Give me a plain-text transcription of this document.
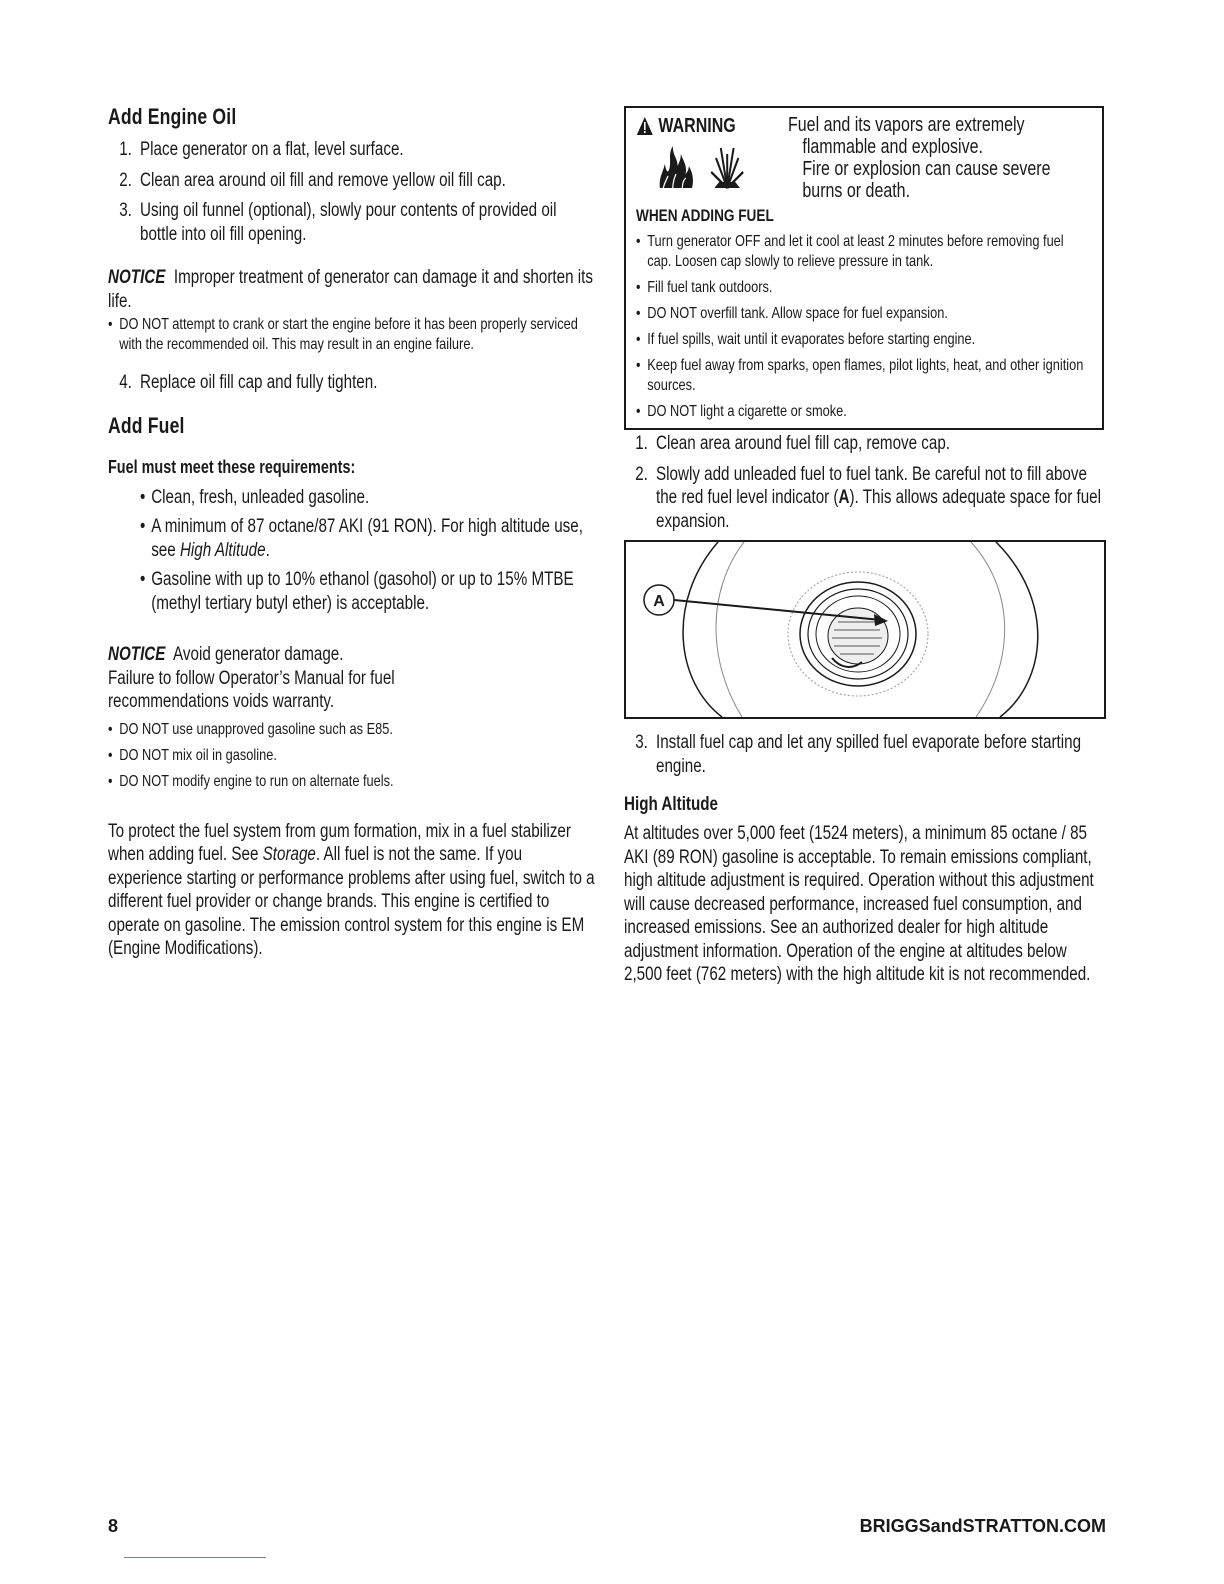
Add Engine Oil
1. Place generator on a flat, level surface.
2. Clean area around oil fill and remove yellow oil fill cap.
3. Using oil funnel (optional), slowly pour contents of provided oil bottle into oil fill opening.

NOTICE Improper treatment of generator can damage it and shorten its life.

• DO NOT attempt to crank or start the engine before it has been properly serviced with the recommended oil. This may result in an engine failure.
4. Replace oil fill cap and fully tighten.
Add Fuel
Fuel must meet these requirements:
• Clean, fresh, unleaded gasoline.
• A minimum of 87 octane/87 AKI (91 RON). For high altitude use, see High Altitude.
• Gasoline with up to 10% ethanol (gasohol) or up to 15% MTBE (methyl tertiary butyl ether) is acceptable.

NOTICE Avoid generator damage.

Failure to follow Operator’s Manual for fuel recommendations voids warranty.

• DO NOT use unapproved gasoline such as E85.
• DO NOT mix oil in gasoline.
• DO NOT modify engine to run on alternate fuels.

To protect the fuel system from gum formation, mix in a fuel stabilizer when adding fuel. See Storage. All fuel is not the same. If you experience starting or performance problems after using fuel, switch to a different fuel provider or change brands. This engine is certified to operate on gasoline. The emission control system for this engine is EM (Engine Modifications).

WARNING	Fuel and its vapors are extremely
flammable and explosive.
Fire or explosion can cause severe
burns or death.
WHEN ADDING FUEL
• Turn generator OFF and let it cool at least 2 minutes before removing fuel cap. Loosen cap slowly to relieve pressure in tank.
• Fill fuel tank outdoors.
• DO NOT overfill tank. Allow space for fuel expansion.
• If fuel spills, wait until it evaporates before starting engine.
• Keep fuel away from sparks, open flames, pilot lights, heat, and other ignition sources.
• DO NOT light a cigarette or smoke.
1. Clean area around fuel fill cap, remove cap.
2. Slowly add unleaded fuel to fuel tank. Be careful not to fill above the red fuel level indicator (A). This allows adequate space for fuel expansion.
A
3. Install fuel cap and let any spilled fuel evaporate before starting engine.
High Altitude

At altitudes over 5,000 feet (1524 meters), a minimum 85 octane / 85 AKI (89 RON) gasoline is acceptable. To remain emissions compliant, high altitude adjustment is required. Operation without this adjustment will cause decreased performance, increased fuel consumption, and increased emissions. See an authorized dealer for high altitude adjustment information. Operation of the engine at altitudes below 2,500 feet (762 meters) with the high altitude kit is not recommended.

8	BRIGGSandSTRATTON.COM
